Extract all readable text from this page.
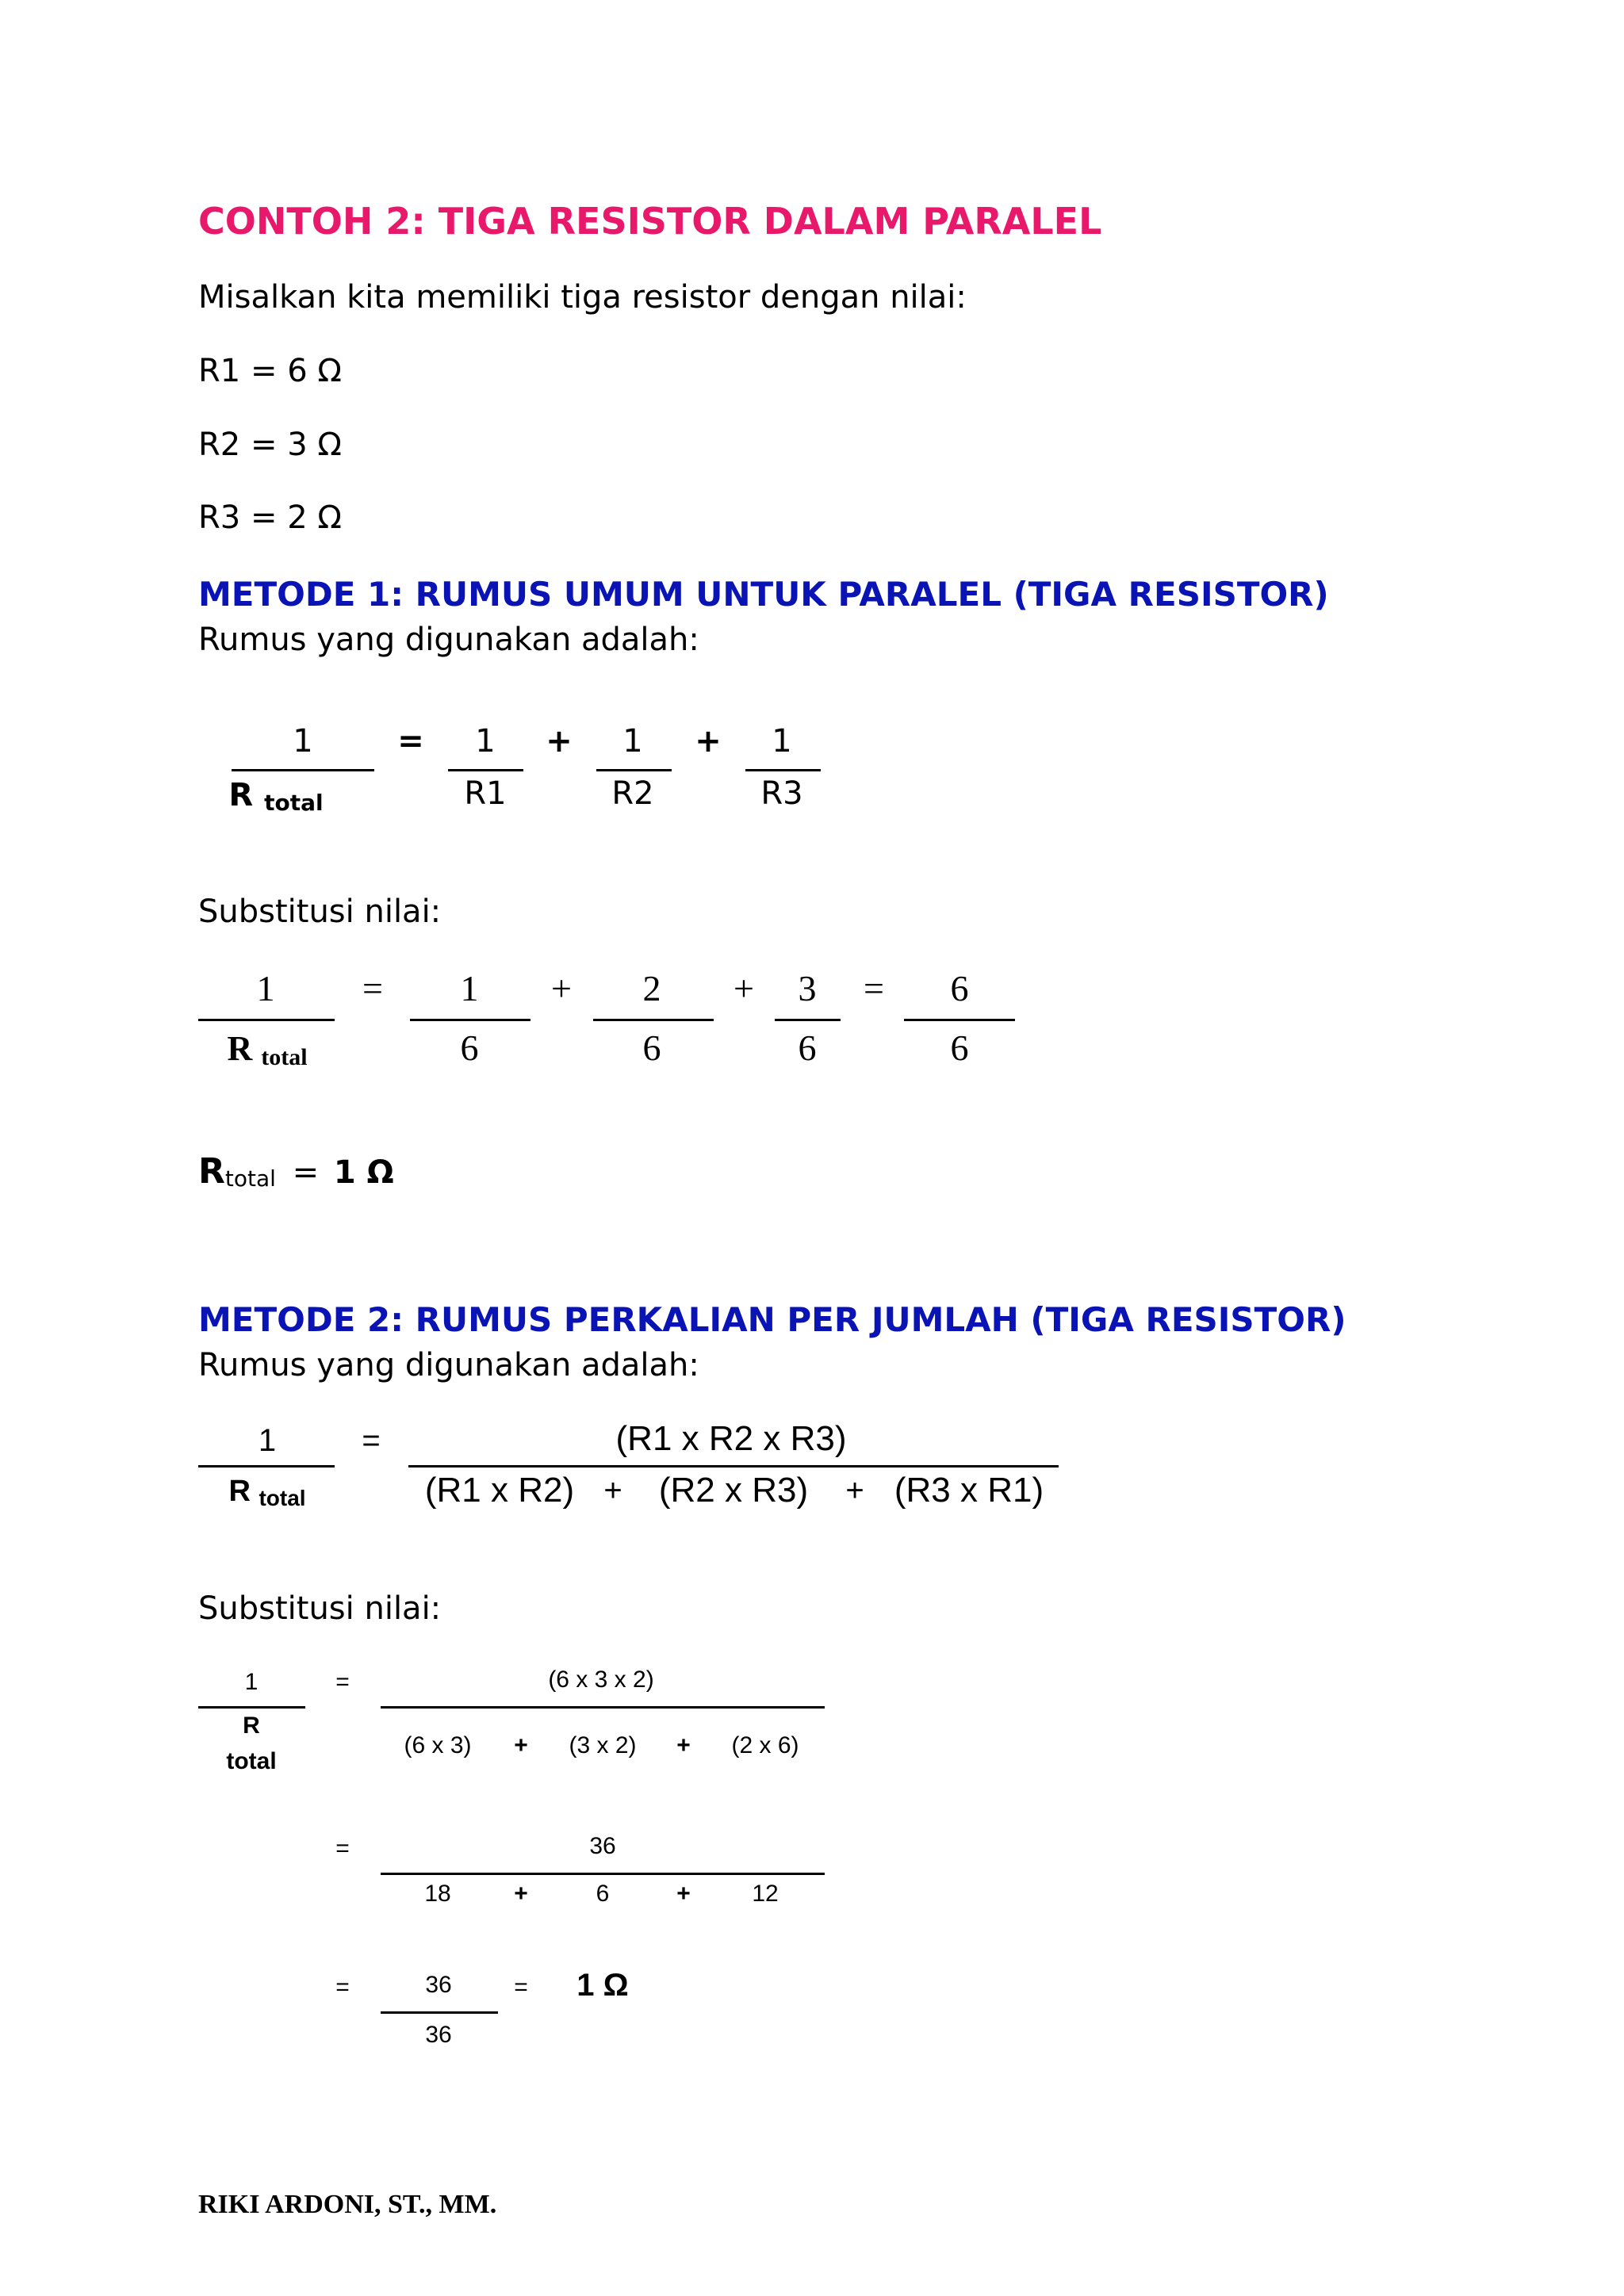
CONTOH 2: TIGA RESISTOR DALAM PARALEL
Misalkan kita memiliki tiga resistor dengan nilai:
R1 = 6 Ω
R2 = 3 Ω
R3 = 2 Ω
METODE 1: RUMUS UMUM UNTUK PARALEL (TIGA RESISTOR)
Rumus yang digunakan adalah:
1
R $_{total}$
= 1
R1
+ 1
R2
+ 1
R3
Substitusi nilai:
1
R $_{total}$
= 1
6
+ 2
6
+ 3
6
= 6
6
Rtotal = 1 Ω
METODE 2: RUMUS PERKALIAN PER JUMLAH (TIGA RESISTOR)
Rumus yang digunakan adalah:
1
R $_{total}$
=	(R1 x R2 x R3)
(R1 x R2) + (R2 x R3) + (R3 x R1)
Substitusi nilai:
1
R
total
=	(6 x 3 x 2)
(6 x 3) + (3 x 2) + (2 x 6)
=	36
18	+	6	+	12
=	36
36
= 1 Ω
RIKI ARDONI, ST., MM.
